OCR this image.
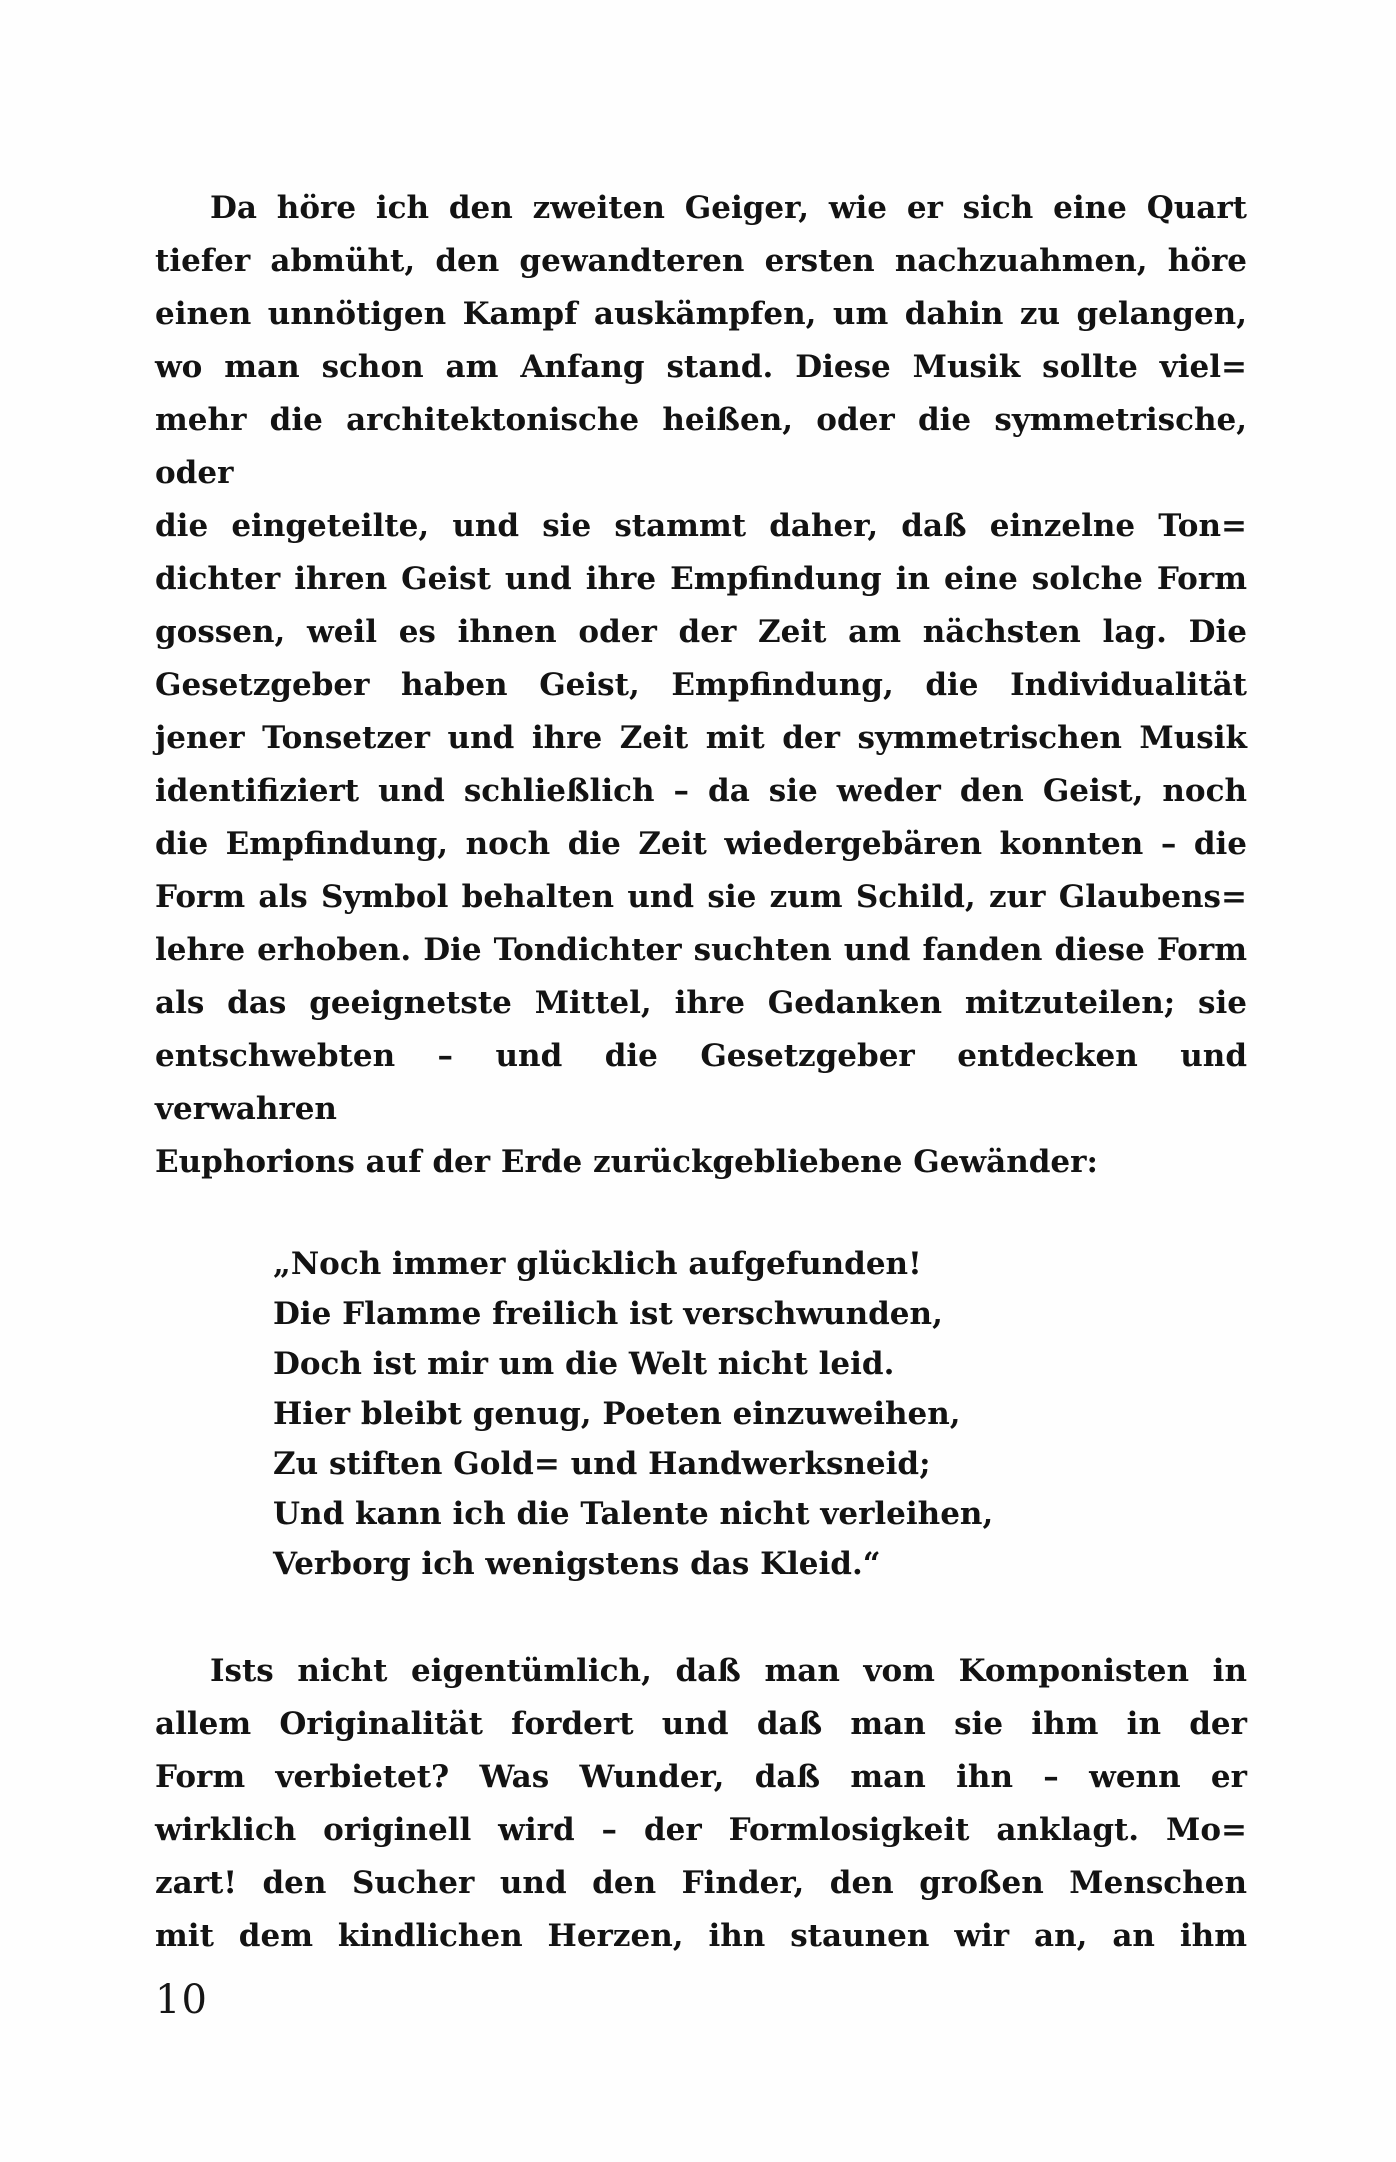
Da höre ich den zweiten Geiger, wie er sich eine Quart

tiefer abmüht, den gewandteren ersten nachzuahmen, höre

einen unnötigen Kampf auskämpfen, um dahin zu gelangen,

wo man schon am Anfang stand. Diese Musik sollte viel=

mehr die architektonische heißen, oder die symmetrische, oder

die eingeteilte, und sie stammt daher, daß einzelne Ton=

dichter ihren Geist und ihre Empfindung in eine solche Form

gossen, weil es ihnen oder der Zeit am nächsten lag. Die

Gesetzgeber haben Geist, Empfindung, die Individualität

jener Tonsetzer und ihre Zeit mit der symmetrischen Musik

identifiziert und schließlich – da sie weder den Geist, noch

die Empfindung, noch die Zeit wiedergebären konnten – die

Form als Symbol behalten und sie zum Schild, zur Glaubens=

lehre erhoben. Die Tondichter suchten und fanden diese Form

als das geeignetste Mittel, ihre Gedanken mitzuteilen; sie

entschwebten – und die Gesetzgeber entdecken und verwahren

Euphorions auf der Erde zurückgebliebene Gewänder:

„Noch immer glücklich aufgefunden!

Die Flamme freilich ist verschwunden,

Doch ist mir um die Welt nicht leid.

Hier bleibt genug, Poeten einzuweihen,

Zu stiften Gold= und Handwerksneid;

Und kann ich die Talente nicht verleihen,

Verborg ich wenigstens das Kleid.“

Ists nicht eigentümlich, daß man vom Komponisten in

allem Originalität fordert und daß man sie ihm in der

Form verbietet? Was Wunder, daß man ihn – wenn er

wirklich originell wird – der Formlosigkeit anklagt. Mo=

zart! den Sucher und den Finder, den großen Menschen

mit dem kindlichen Herzen, ihn staunen wir an, an ihm

10
